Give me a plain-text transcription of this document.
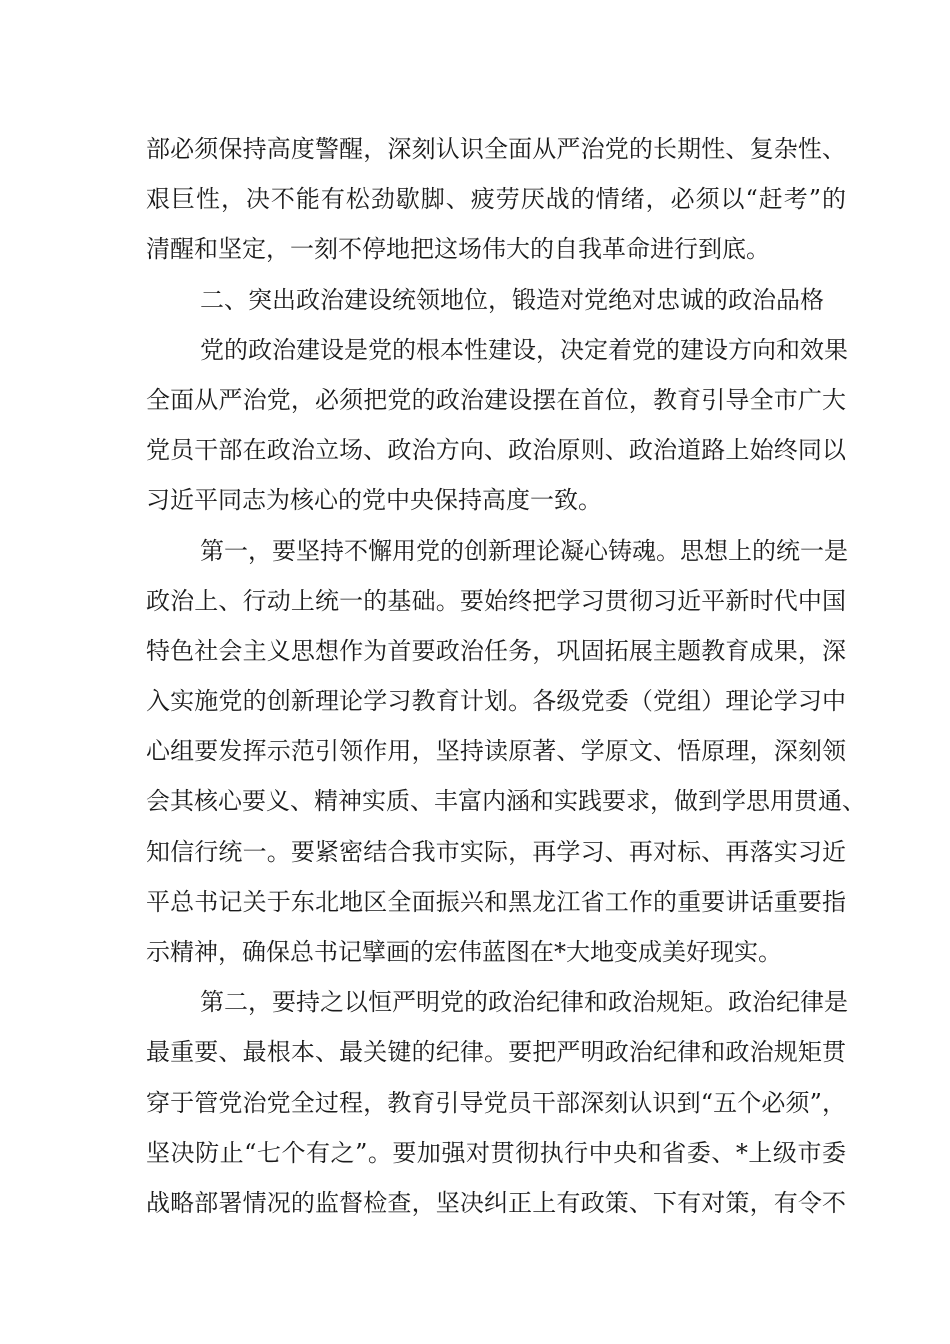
部必须保持高度警醒，深刻认识全面从严治党的长期性、复杂性、
艰巨性，决不能有松劲歇脚、疲劳厌战的情绪，必须以“赶考”的
清醒和坚定，一刻不停地把这场伟大的自我革命进行到底。
二、突出政治建设统领地位，锻造对党绝对忠诚的政治品格
党的政治建设是党的根本性建设，决定着党的建设方向和效果
全面从严治党，必须把党的政治建设摆在首位，教育引导全市广大
党员干部在政治立场、政治方向、政治原则、政治道路上始终同以
习近平同志为核心的党中央保持高度一致。
第一，要坚持不懈用党的创新理论凝心铸魂。思想上的统一是
政治上、行动上统一的基础。要始终把学习贯彻习近平新时代中国
特色社会主义思想作为首要政治任务，巩固拓展主题教育成果，深
入实施党的创新理论学习教育计划。各级党委（党组）理论学习中
心组要发挥示范引领作用，坚持读原著、学原文、悟原理，深刻领
会其核心要义、精神实质、丰富内涵和实践要求，做到学思用贯通、
知信行统一。要紧密结合我市实际，再学习、再对标、再落实习近
平总书记关于东北地区全面振兴和黑龙江省工作的重要讲话重要指
示精神，确保总书记擘画的宏伟蓝图在*大地变成美好现实。
第二，要持之以恒严明党的政治纪律和政治规矩。政治纪律是
最重要、最根本、最关键的纪律。要把严明政治纪律和政治规矩贯
穿于管党治党全过程，教育引导党员干部深刻认识到“五个必须”，
坚决防止“七个有之”。要加强对贯彻执行中央和省委、*上级市委
战略部署情况的监督检查，坚决纠正上有政策、下有对策，有令不
